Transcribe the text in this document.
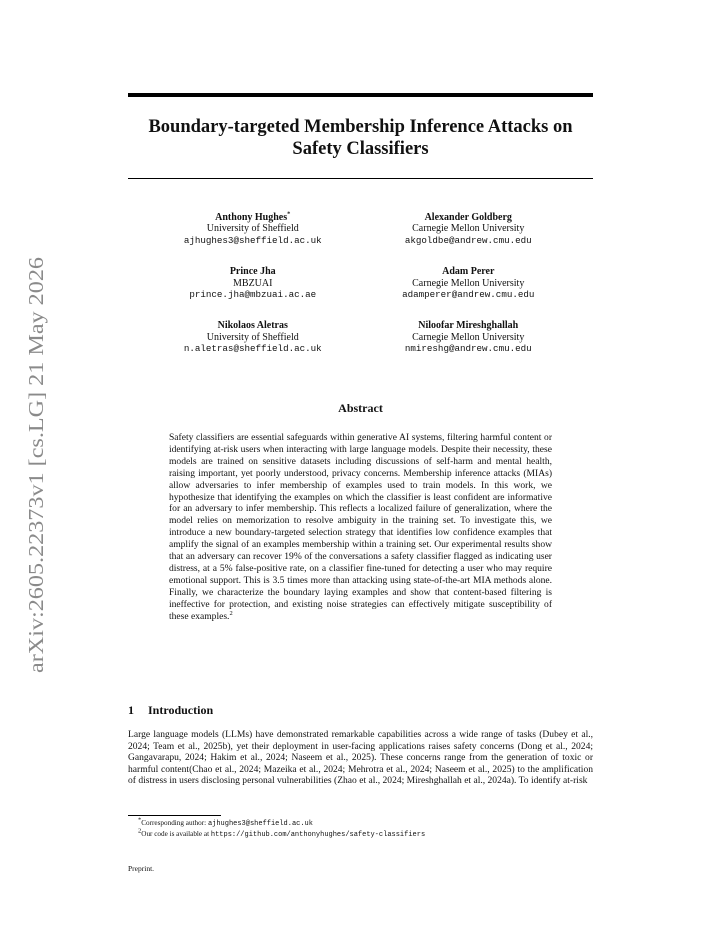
arXiv:2605.22373v1 [cs.LG] 21 May 2026
Boundary-targeted Membership Inference Attacks on Safety Classifiers
Anthony Hughes*
University of Sheffield
ajhughes3@sheffield.ac.uk
Alexander Goldberg
Carnegie Mellon University
akgoldbe@andrew.cmu.edu
Prince Jha
MBZUAI
prince.jha@mbzuai.ac.ae
Adam Perer
Carnegie Mellon University
adamperer@andrew.cmu.edu
Nikolaos Aletras
University of Sheffield
n.aletras@sheffield.ac.uk
Niloofar Mireshghallah
Carnegie Mellon University
nmireshg@andrew.cmu.edu
Abstract

Safety classifiers are essential safeguards within generative AI systems, filtering harmful content or identifying at-risk users when interacting with large language models. Despite their necessity, these models are trained on sensitive datasets including discussions of self-harm and mental health, raising important, yet poorly understood, privacy concerns. Membership inference attacks (MIAs) allow adversaries to infer membership of examples used to train models. In this work, we hypothesize that identifying the examples on which the classifier is least confident are informative for an adversary to infer membership. This reflects a localized failure of generalization, where the model relies on memorization to resolve ambiguity in the training set. To investigate this, we introduce a new boundary-targeted selection strategy that identifies low confidence examples that amplify the signal of an examples membership within a training set. Our experimental results show that an adversary can recover 19% of the conversations a safety classifier flagged as indicating user distress, at a 5% false-positive rate, on a classifier fine-tuned for detecting a user who may require emotional support. This is 3.5 times more than attacking using state-of-the-art MIA methods alone. Finally, we characterize the boundary laying examples and show that content-based filtering is ineffective for protection, and existing noise strategies can effectively mitigate susceptibility of these examples.$^2$

1 Introduction

Large language models (LLMs) have demonstrated remarkable capabilities across a wide range of tasks (Dubey et al., 2024; Team et al., 2025b), yet their deployment in user-facing applications raises safety concerns (Dong et al., 2024; Gangavarapu, 2024; Hakim et al., 2024; Naseem et al., 2025). These concerns range from the generation of toxic or harmful content(Chao et al., 2024; Mazeika et al., 2024; Mehrotra et al., 2024; Naseem et al., 2025) to the amplification of distress in users disclosing personal vulnerabilities (Zhao et al., 2024; Mireshghallah et al., 2024a). To identify at-risk

*Corresponding author: ajhughes3@sheffield.ac.uk
$^2$Our code is available at https://github.com/anthonyhughes/safety-classifiers

Preprint.
